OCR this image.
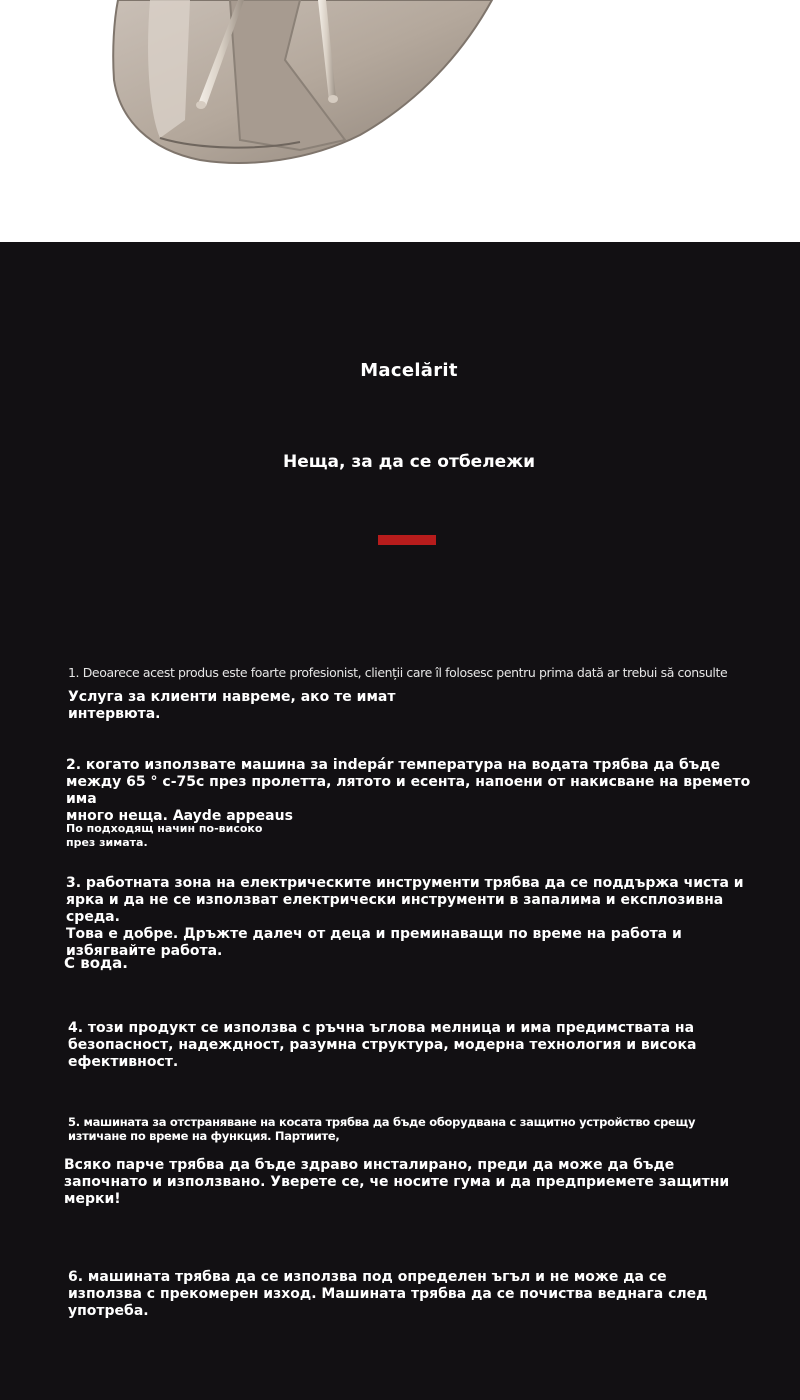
Macelărit
Неща, за да се отбележи

1. Deoarece acest produs este foarte profesionist, clienții care îl folosesc pentru prima dată ar trebui să consulte

Услуга за клиенти навреме, ако те имат
интервюта.

2. когато използвате машина за indepár температура на водата трябва да бъде
между 65 ° c-75c през пролетта, лятото и есента, напоени от накисване на времето има
много неща. Aayde appeaus

По подходящ начин по-високо
през зимата.

3. работната зона на електрическите инструменти трябва да се поддържа чиста и
ярка и да не се използват електрически инструменти в запалима и експлозивна среда.
Това е добре. Дръжте далеч от деца и преминаващи по време на работа и
избягвайте работа.

С вода.

4. този продукт се използва с ръчна ъглова мелница и има предимствата на
безопасност, надеждност, разумна структура, модерна технология и висока
ефективност.

5. машината за отстраняване на косата трябва да бъде оборудвана с защитно устройство срещу
изтичане по време на функция. Партиите,

Всяко парче трябва да бъде здраво инсталирано, преди да може да бъде
започнато и използвано. Уверете се, че носите гума и да предприемете защитни
мерки!

6. машината трябва да се използва под определен ъгъл и не може да се
използва с прекомерен изход. Машината трябва да се почиства веднага след
употреба.
